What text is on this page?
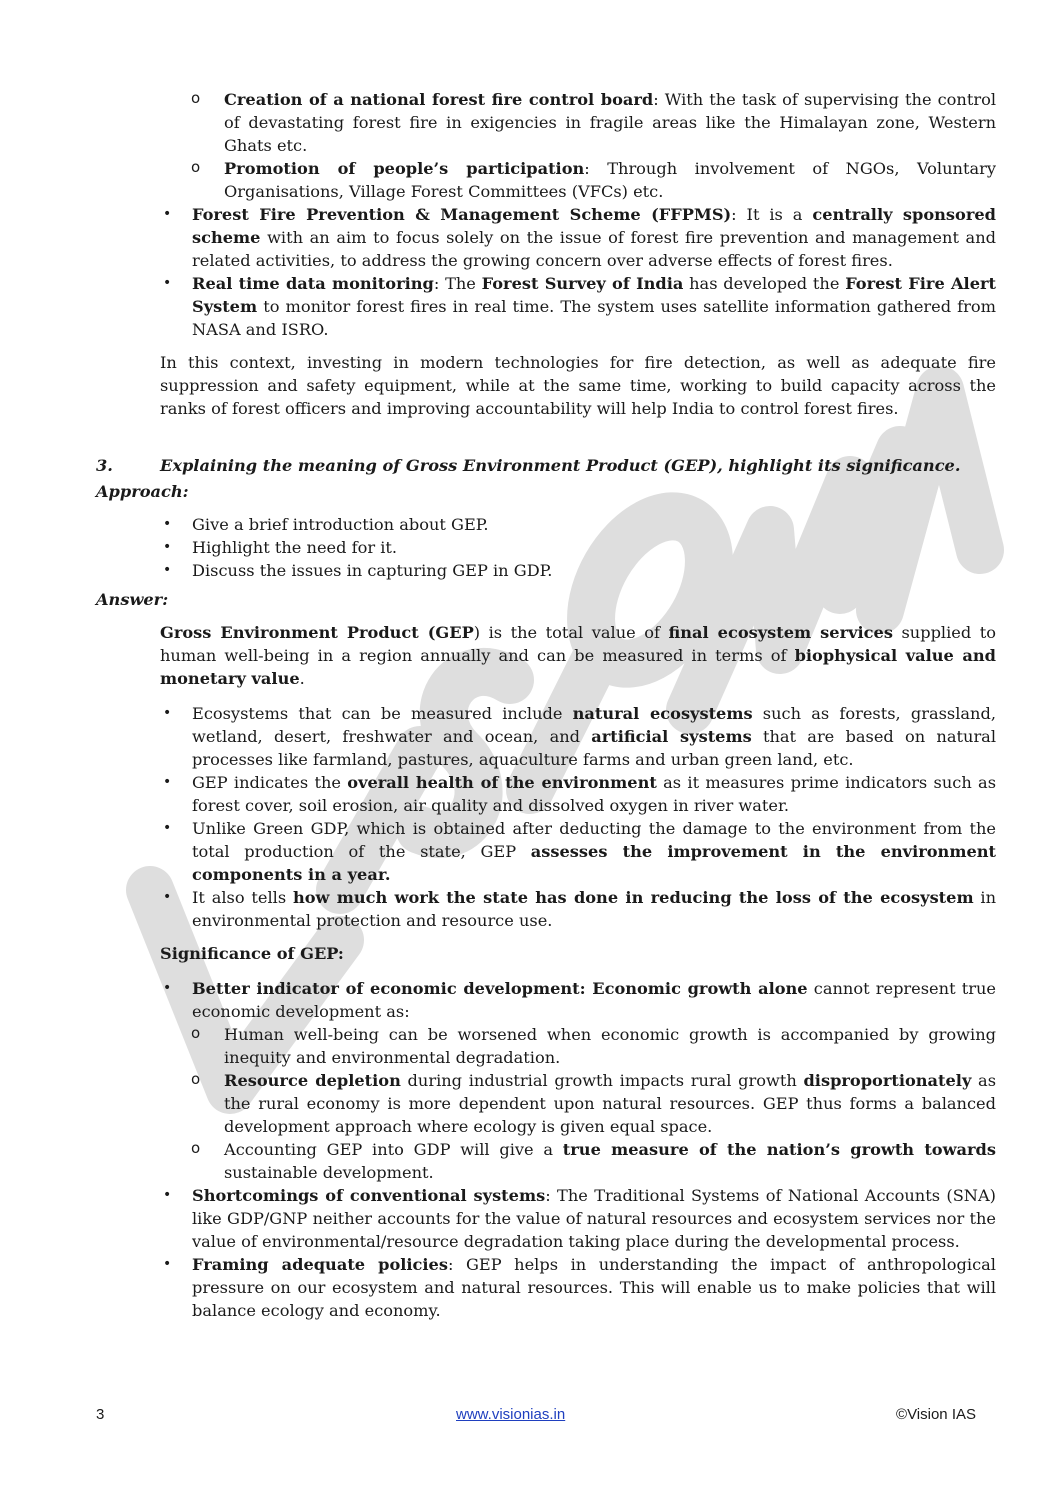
o Creation of a national forest fire control board: With the task of supervising the control of devastating forest fire in exigencies in fragile areas like the Himalayan zone, Western Ghats etc.
o Promotion of people’s participation: Through involvement of NGOs, Voluntary Organisations, Village Forest Committees (VFCs) etc.
• Forest Fire Prevention & Management Scheme (FFPMS): It is a centrally sponsored scheme with an aim to focus solely on the issue of forest fire prevention and management and related activities, to address the growing concern over adverse effects of forest fires.
• Real time data monitoring: The Forest Survey of India has developed the Forest Fire Alert System to monitor forest fires in real time. The system uses satellite information gathered from NASA and ISRO.

In this context, investing in modern technologies for fire detection, as well as adequate fire suppression and safety equipment, while at the same time, working to build capacity across the ranks of forest officers and improving accountability will help India to control forest fires.

3.	Explaining the meaning of Gross Environment Product (GEP), highlight its significance.
Approach:
• Give a brief introduction about GEP.
• Highlight the need for it.
• Discuss the issues in capturing GEP in GDP.
Answer:

Gross Environment Product (GEP) is the total value of final ecosystem services supplied to human well-being in a region annually and can be measured in terms of biophysical value and monetary value.

• Ecosystems that can be measured include natural ecosystems such as forests, grassland, wetland, desert, freshwater and ocean, and artificial systems that are based on natural processes like farmland, pastures, aquaculture farms and urban green land, etc.
• GEP indicates the overall health of the environment as it measures prime indicators such as forest cover, soil erosion, air quality and dissolved oxygen in river water.
• Unlike Green GDP, which is obtained after deducting the damage to the environment from the total production of the state, GEP assesses the improvement in the environment components in a year.
• It also tells how much work the state has done in reducing the loss of the ecosystem in environmental protection and resource use.
Significance of GEP:
• Better indicator of economic development: Economic growth alone cannot represent true economic development as:
o Human well-being can be worsened when economic growth is accompanied by growing inequity and environmental degradation.
o Resource depletion during industrial growth impacts rural growth disproportionately as the rural economy is more dependent upon natural resources. GEP thus forms a balanced development approach where ecology is given equal space.
o Accounting GEP into GDP will give a true measure of the nation’s growth towards sustainable development.
• Shortcomings of conventional systems: The Traditional Systems of National Accounts (SNA) like GDP/GNP neither accounts for the value of natural resources and ecosystem services nor the value of environmental/resource degradation taking place during the developmental process.
• Framing adequate policies: GEP helps in understanding the impact of anthropological pressure on our ecosystem and natural resources. This will enable us to make policies that will balance ecology and economy.
3	www.visionias.in	©Vision IAS
